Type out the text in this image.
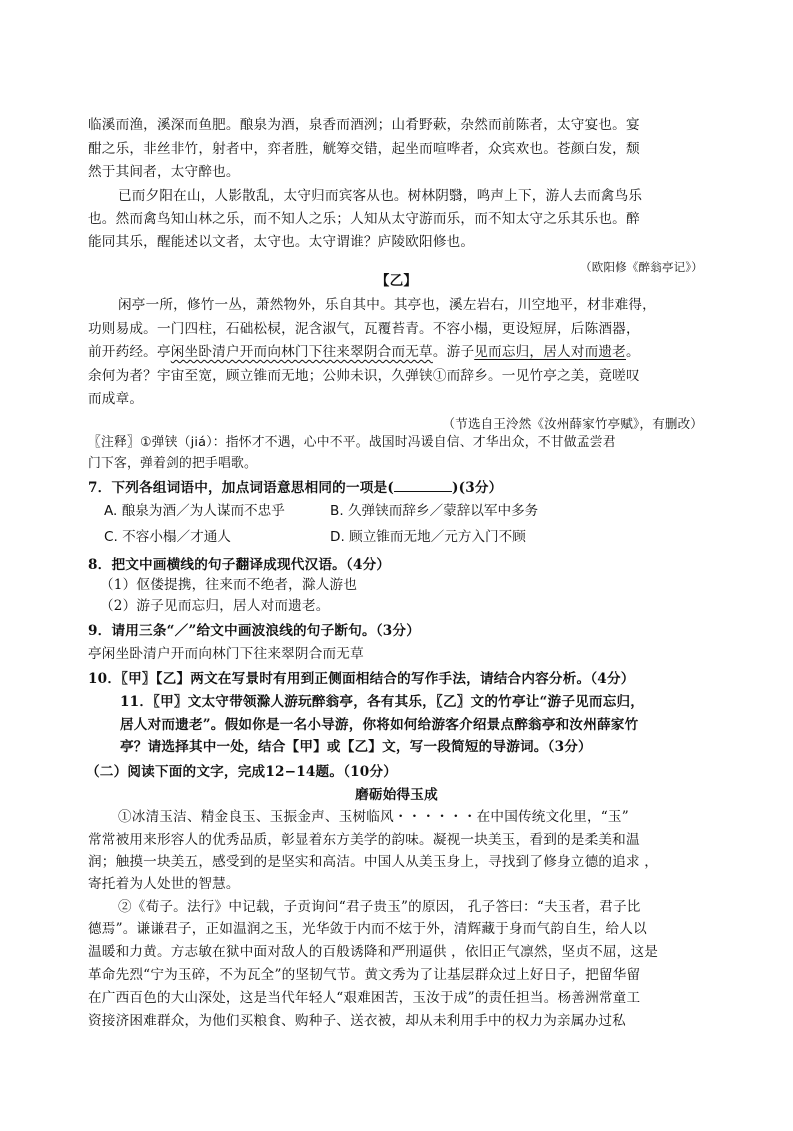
临溪而渔，溪深而鱼肥。酿泉为酒，泉香而酒洌；山肴野蔌，杂然而前陈者，太守宴也。宴
酣之乐，非丝非竹，射者中，弈者胜，觥筹交错，起坐而喧哗者，众宾欢也。苍颜白发，颓
然于其间者，太守醉也。
已而夕阳在山，人影散乱，太守归而宾客从也。树林阴翳，鸣声上下，游人去而禽鸟乐
也。然而禽鸟知山林之乐，而不知人之乐；人知从太守游而乐，而不知太守之乐其乐也。醉
能同其乐，醒能述以文者，太守也。太守谓谁？庐陵欧阳修也。
（欧阳修《醉翁亭记》）
【乙】
闲亭一所，修竹一丛，萧然物外，乐自其中。其亭也，溪左岩右，川空地平，材非难得，
功则易成。一门四柱，石础松棂，泥含淑气，瓦覆苔青。不容小榻，更设短屏，后陈酒器，
前开药经。亭闲坐卧清户开而向林门下往来翠阴合而无草。游子见而忘归，居人对而遗老。
余何为者？宇宙至宽，顾立锥而无地；公帅未识，久弹铗①而辞乡。一见竹亭之美，竟嗟叹
而成章。
（节选自王泠然《汝州薛家竹亭赋》，有删改）
〖注释〗①弹铗（jiá）：指怀才不遇，心中不平。战国时冯谖自信、才华出众，不甘做孟尝君
门下客，弹着剑的把手唱歌。
7．下列各组词语中，加点词语意思相同的一项是(	)(3分）
A. 酿泉为酒／为人谋而不忠乎	B. 久弹铗而辞乡／蒙辞以军中多务
C. 不容小榻／才通人	D. 顾立锥而无地／元方入门不顾
8．把文中画横线的句子翻译成现代汉语。（4分）
（1）伛偻提携，往来而不绝者，滁人游也
（2）游子见而忘归，居人对而遗老。
9．请用三条“／”给文中画波浪线的句子断句。（3分）
亭闲坐卧清户开而向林门下往来翠阴合而无草
10．〖甲〗【乙】两文在写景时有用到正侧面相结合的写作手法，请结合内容分析。（4分）
11．〖甲〗文太守带领滁人游玩醉翁亭，各有其乐，〖乙〗文的竹亭让“游子见而忘归，
居人对而遗老”。假如你是一名小导游，你将如何给游客介绍景点醉翁亭和汝州薛家竹
亭？请选择其中一处，结合【甲】或【乙】文，写一段简短的导游词。（3分）
（二）阅读下面的文字，完成12−14题。（10分）
磨砺始得玉成
①冰清玉洁、精金良玉、玉振金声、玉树临风・・・・・・在中国传统文化里，“玉”
常常被用来形容人的优秀品质，彰显着东方美学的韵味。凝视一块美玉，看到的是柔美和温
润；触摸一块美五，感受到的是坚实和高洁。中国人从美玉身上，寻找到了修身立德的追求 ，
寄托着为人处世的智慧。
②《荀子。法行》中记载，子贡询问“君子贵玉”的原因， 孔子答曰：“夫玉者，君子比
德焉”。谦谦君子，正如温润之玉，光华敛于内而不炫于外，清辉藏于身而气韵自生，给人以
温暖和力黄。方志敏在狱中面对敌人的百般诱降和严刑逼供 ，依旧正气凛然，坚贞不屈，这是
革命先烈“宁为玉碎，不为瓦全”的坚韧气节。黄文秀为了让基层群众过上好日子，把留华留
在广西百色的大山深处，这是当代年轻人“艰难困苦，玉汝于成”的责任担当。杨善洲常童工
资接济困难群众，为他们买粮食、购种子、送衣被，却从未利用手中的权力为亲属办过私
